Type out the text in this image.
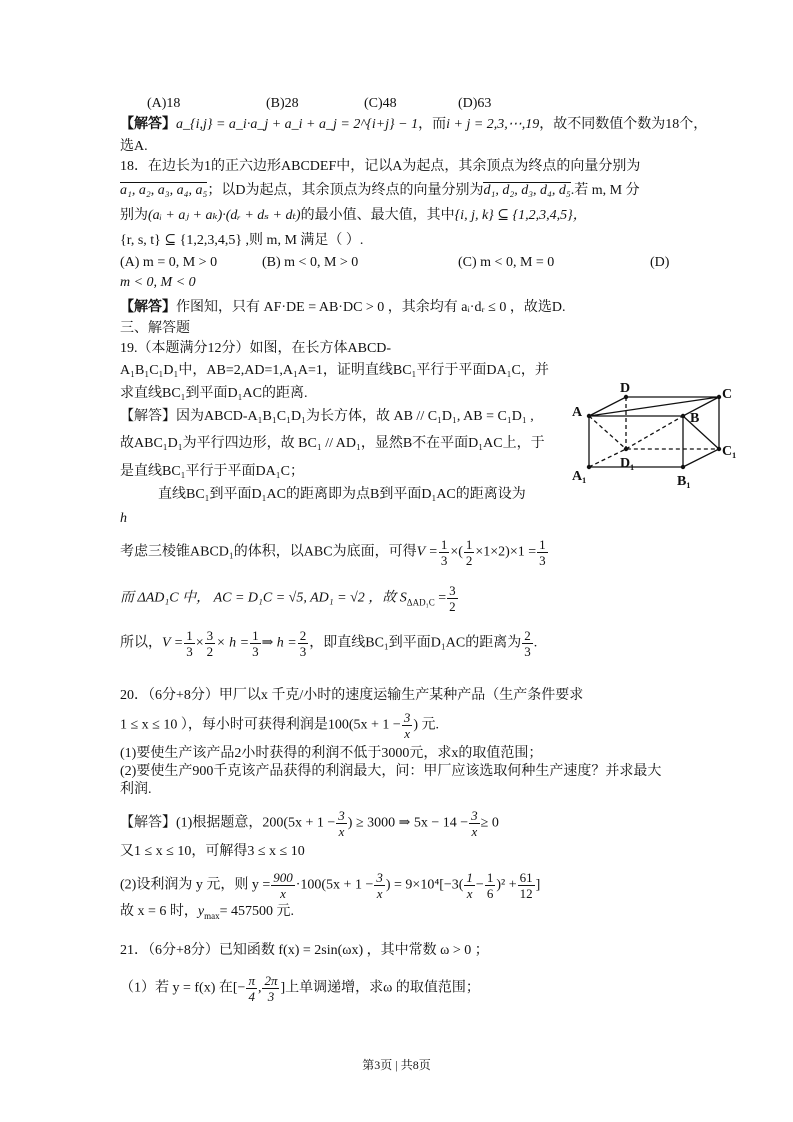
(A)18	(B)28	(C)48	(D)63
【解答】a_{i,j} = a_i·a_j + a_i + a_j = 2^{i+j} − 1，而i + j = 2,3,⋯,19，故不同数值个数为18个，
选A.
18．在边长为1的正六边形ABCDEF中，记以A为起点，其余顶点为终点的向量分别为
a₁, a₂, a₃, a₄, a₅；以D为起点，其余顶点为终点的向量分别为d₁, d₂, d₃, d₄, d₅.若 m, M 分
别为(aᵢ + aⱼ + aₖ)·(dᵣ + dₛ + dₜ)的最小值、最大值，其中{i, j, k} ⊆ {1,2,3,4,5}，
{r, s, t} ⊆ {1,2,3,4,5} ,则 m, M 满足（ ）.
(A) m = 0, M > 0	(B) m < 0, M > 0	(C) m < 0, M = 0	(D)
m < 0, M < 0
【解答】作图知，只有 AF·DE = AB·DC > 0 ，其余均有 aᵢ·dᵣ ≤ 0 ，故选D.
三、解答题
19.（本题满分12分）如图，在长方体ABCD-
A₁B₁C₁D₁中，AB=2,AD=1,A₁A=1，证明直线BC₁平行于平面DA₁C，并
求直线BC₁到平面D₁AC的距离.
【解答】因为ABCD-A₁B₁C₁D₁为长方体，故 AB // C₁D₁, AB = C₁D₁ ,
故ABC₁D₁为平行四边形，故 BC₁ // AD₁，显然B不在平面D₁AC上，于
是直线BC₁平行于平面DA₁C；
直线BC₁到平面D₁AC的距离即为点B到平面D₁AC的距离设为
h
考虑三棱锥ABCD₁的体积，以ABC为底面，可得$V = \frac{1}{3}$ ×( $\frac{1}{2} \times 1\times 2)\times 1 = \frac{1}{3}$
而 ΔAD₁C 中， AC = D₁C = √5, AD₁ = √2 ，故 $S_{\Delta AD_1C} = \frac{3}{2}$
所以，$V = \frac{1}{3} \times \frac{3}{2} \times h = \frac{1}{3}$ ⇒ $h = \frac{2}{3}$ ，即直线BC₁到平面D₁AC的距离为 $\frac{2}{3}$ .
D	C
A	B
C₁
D₁
A₁	B₁
20．（6分+8分）甲厂以x 千克/小时的速度运输生产某种产品（生产条件要求
1 ≤ x ≤ 10 ），每小时可获得利润是$100(5x + 1 - \frac{3}{x}$ ) 元.
(1)要使生产该产品2小时获得的利润不低于3000元，求x的取值范围；
(2)要使生产900千克该产品获得的利润最大，问：甲厂应该选取何种生产速度？并求最大
利润.
【解答】(1)根据题意，$200(5x + 1 - \frac{3}{x}$ ) ≥ 3000 ⇒ $5x - 14 - \frac{3}{x} \ge 0$
又1 ≤ x ≤ 10，可解得3 ≤ x ≤ 10
(2)设利润为 y 元，则 $y = \frac{900}{x} \cdot 100(5x + 1 - \frac{3}{x}$ ) = $9\times 10^4[-3( \frac{1}{x} - \frac{1}{6} )^2 + \frac{61}{12}$ ]
故 x = 6 时，$y_{max}= 457500$ 元.
21．（6分+8分）已知函数 f(x) = 2sin(ωx) ，其中常数 ω > 0 ；
（1）若 y = f(x) 在[− $\frac{\pi}{4}$ , $\frac{2\pi}{3}$ ]上单调递增，求ω 的取值范围；
第3页 | 共8页
